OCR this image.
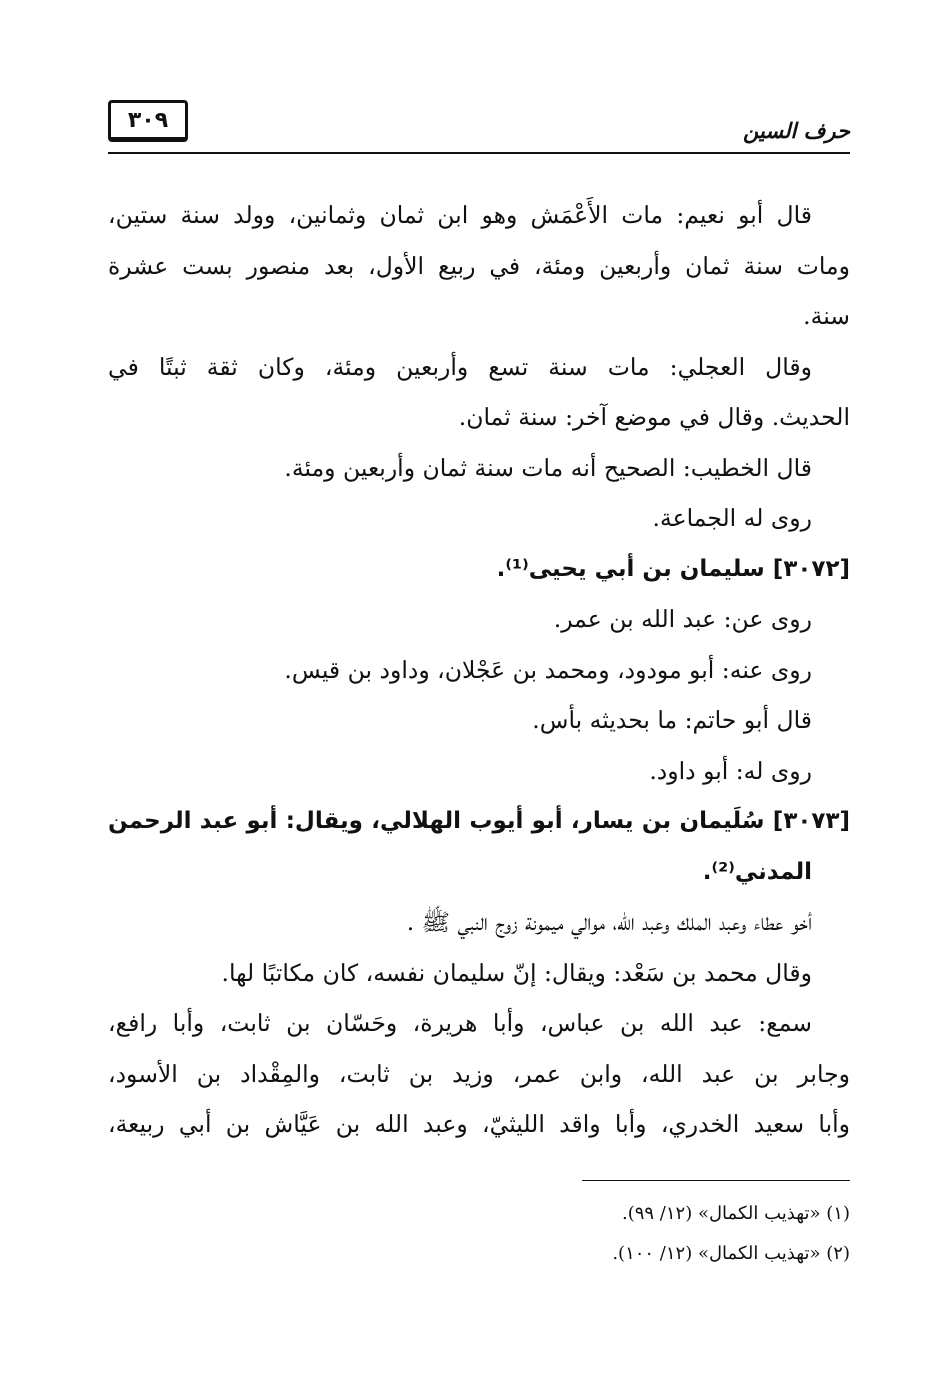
٣٠٩	حرف السين
قال أبو نعيم: مات الأَعْمَش وهو ابن ثمان وثمانين، وولد سنة ستين،
ومات سنة ثمان وأربعين ومئة، في ربيع الأول، بعد منصور بست عشرة
سنة.
وقال العجلي: مات سنة تسع وأربعين ومئة، وكان ثقة ثبتًا في
الحديث. وقال في موضع آخر: سنة ثمان.
قال الخطيب: الصحيح أنه مات سنة ثمان وأربعين ومئة.
روى له الجماعة.
[٣٠٧٢] سليمان بن أبي يحيى⁽¹⁾.
روى عن: عبد الله بن عمر.
روى عنه: أبو مودود، ومحمد بن عَجْلان، وداود بن قيس.
قال أبو حاتم: ما بحديثه بأس.
روى له: أبو داود.
[٣٠٧٣] سُلَيمان بن يسار، أبو أيوب الهلالي، ويقال: أبو عبد الرحمن
المدني⁽²⁾.
أخو عطاء وعبد الملك وعبد الله، موالي ميمونة زوج النبي ﷺ .
وقال محمد بن سَعْد: ويقال: إنّ سليمان نفسه، كان مكاتبًا لها.
سمع: عبد الله بن عباس، وأبا هريرة، وحَسّان بن ثابت، وأبا رافع،
وجابر بن عبد الله، وابن عمر، وزيد بن ثابت، والمِقْداد بن الأسود،
وأبا سعيد الخدري، وأبا واقد الليثيّ، وعبد الله بن عَيَّاش بن أبي ربيعة،
(١) «تهذيب الكمال» (١٢/ ٩٩).
(٢) «تهذيب الكمال» (١٢/ ١٠٠).
